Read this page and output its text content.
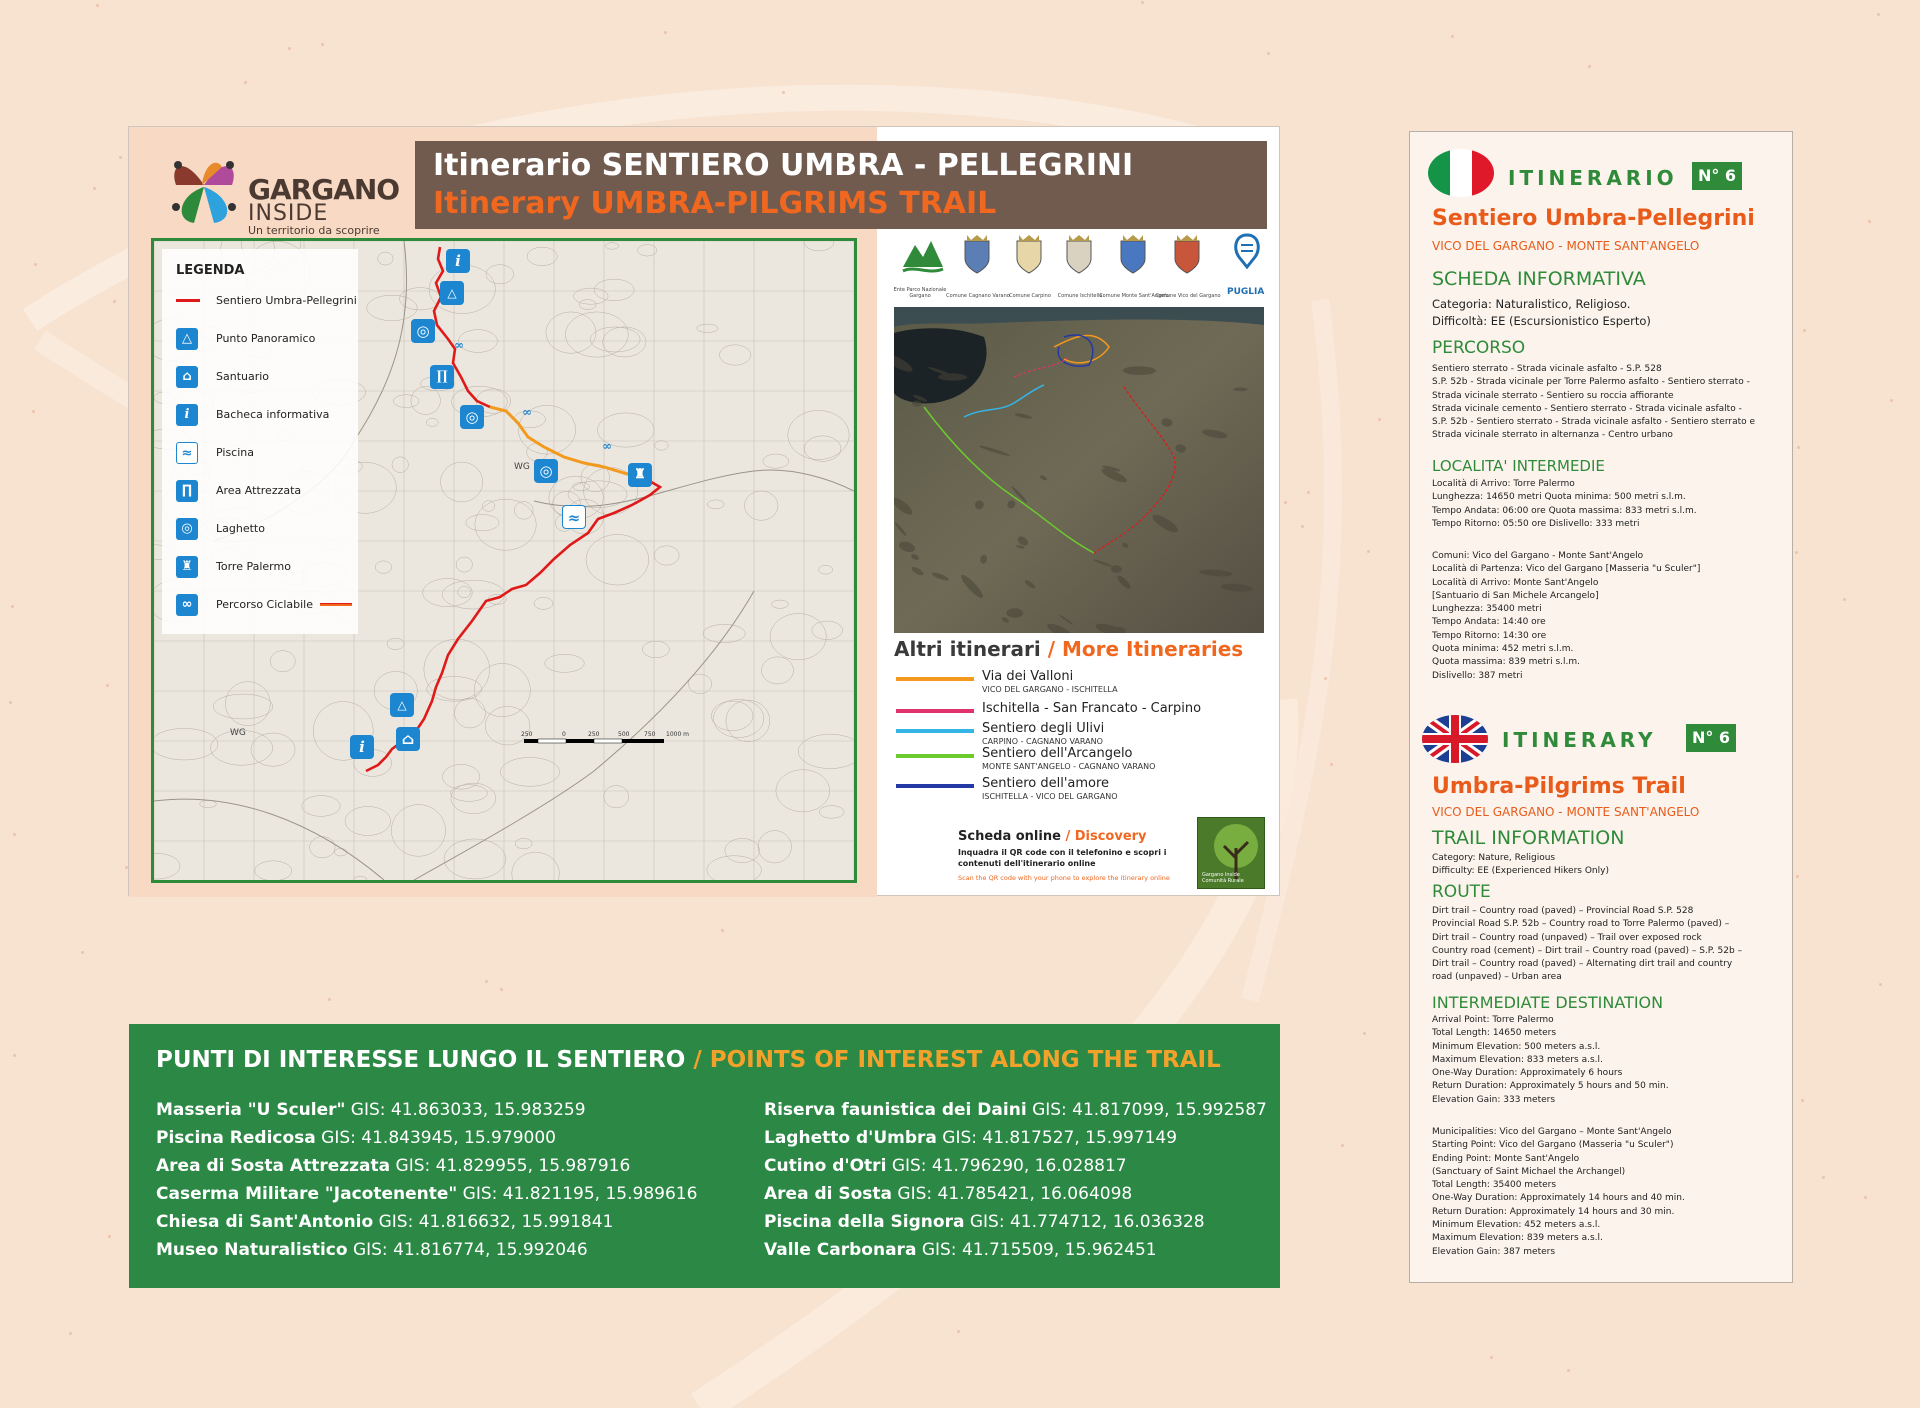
GARGANO
INSIDE
Un territorio da scoprire
Itinerario SENTIERO UMBRA - PELLEGRINI
Itinerary UMBRA-PILGRIMS TRAIL
LEGENDA
Sentiero Umbra-Pellegrini
△	Punto Panoramico
⌂	Santuario
i	Bacheca informativa
≈	Piscina
∏	Area Attrezzata
◎	Laghetto
♜	Torre Palermo
∞	Percorso Ciclabile
i
△
◎
∞
∏
◎	∞
∞
◎	♜
≈
△
⌂
i
WG
WG	250	0	250	500 750 1000 m
Ente Parco Nazionale Gargano	Comune Cagnano Varano Comune Carpino	Comune Ischitella
Comune Monte Sant'Angelo
Comune Vico del Gargano PUGLIA
Altri itinerari / More Itineraries
Scheda online / Discovery
Inquadra il QR code con il telefonino e scopri i contenuti dell'itinerario online
Scan the QR code with your phone to explore the itinerary online	Gargano Inside Comunità Rurale
Via dei Valloni
VICO DEL GARGANO - ISCHITELLA
Ischitella - San Francato - Carpino
Sentiero degli Ulivi
CARPINO - CAGNANO VARANO
Sentiero dell'Arcangelo
MONTE SANT'ANGELO - CAGNANO VARANO
Sentiero dell'amore
ISCHITELLA - VICO DEL GARGANO
PUNTI DI INTERESSE LUNGO IL SENTIERO / POINTS OF INTEREST ALONG THE TRAIL
Masseria "U Sculer" GIS: 41.863033, 15.983259
Piscina Redicosa GIS: 41.843945, 15.979000
Area di Sosta Attrezzata GIS: 41.829955, 15.987916
Caserma Militare "Jacotenente" GIS: 41.821195, 15.989616
Chiesa di Sant'Antonio GIS: 41.816632, 15.991841
Museo Naturalistico GIS: 41.816774, 15.992046
Riserva faunistica dei Daini GIS: 41.817099, 15.992587
Laghetto d'Umbra GIS: 41.817527, 15.997149
Cutino d'Otri GIS: 41.796290, 16.028817
Area di Sosta GIS: 41.785421, 16.064098
Piscina della Signora GIS: 41.774712, 16.036328
Valle Carbonara GIS: 41.715509, 15.962451
ITINERARIO	N° 6
Sentiero Umbra-Pellegrini
VICO DEL GARGANO - MONTE SANT'ANGELO
SCHEDA INFORMATIVA
Categoria: Naturalistico, Religioso.
Difficoltà: EE (Escursionistico Esperto)
PERCORSO
Sentiero sterrato - Strada vicinale asfalto - S.P. 528
S.P. 52b - Strada vicinale per Torre Palermo asfalto - Sentiero sterrato -
Strada vicinale sterrato - Sentiero su roccia affiorante
Strada vicinale cemento - Sentiero sterrato - Strada vicinale asfalto -
S.P. 52b - Sentiero sterrato - Strada vicinale asfalto - Sentiero sterrato e
Strada vicinale sterrato in alternanza - Centro urbano
LOCALITA' INTERMEDIE
Località di Arrivo: Torre Palermo
Lunghezza: 14650 metri Quota minima: 500 metri s.l.m.
Tempo Andata: 06:00 ore Quota massima: 833 metri s.l.m.
Tempo Ritorno: 05:50 ore Dislivello: 333 metri
Comuni: Vico del Gargano - Monte Sant'Angelo
Località di Partenza: Vico del Gargano [Masseria "u Sculer"]
Località di Arrivo: Monte Sant'Angelo
[Santuario di San Michele Arcangelo]
Lunghezza: 35400 metri
Tempo Andata: 14:40 ore
Tempo Ritorno: 14:30 ore
Quota minima: 452 metri s.l.m.
Quota massima: 839 metri s.l.m.
Dislivello: 387 metri
ITINERARY	N° 6
Umbra-Pilgrims Trail
VICO DEL GARGANO - MONTE SANT'ANGELO
TRAIL INFORMATION
Category: Nature, Religious
Difficulty: EE (Experienced Hikers Only)
ROUTE
Dirt trail – Country road (paved) – Provincial Road S.P. 528
Provincial Road S.P. 52b – Country road to Torre Palermo (paved) –
Dirt trail – Country road (unpaved) – Trail over exposed rock
Country road (cement) – Dirt trail – Country road (paved) – S.P. 52b –
Dirt trail – Country road (paved) – Alternating dirt trail and country
road (unpaved) – Urban area
INTERMEDIATE DESTINATION
Arrival Point: Torre Palermo
Total Length: 14650 meters
Minimum Elevation: 500 meters a.s.l.
Maximum Elevation: 833 meters a.s.l.
One-Way Duration: Approximately 6 hours
Return Duration: Approximately 5 hours and 50 min.
Elevation Gain: 333 meters
Municipalities: Vico del Gargano – Monte Sant'Angelo
Starting Point: Vico del Gargano (Masseria "u Sculer")
Ending Point: Monte Sant'Angelo
(Sanctuary of Saint Michael the Archangel)
Total Length: 35400 meters
One-Way Duration: Approximately 14 hours and 40 min.
Return Duration: Approximately 14 hours and 30 min.
Minimum Elevation: 452 meters a.s.l.
Maximum Elevation: 839 meters a.s.l.
Elevation Gain: 387 meters
